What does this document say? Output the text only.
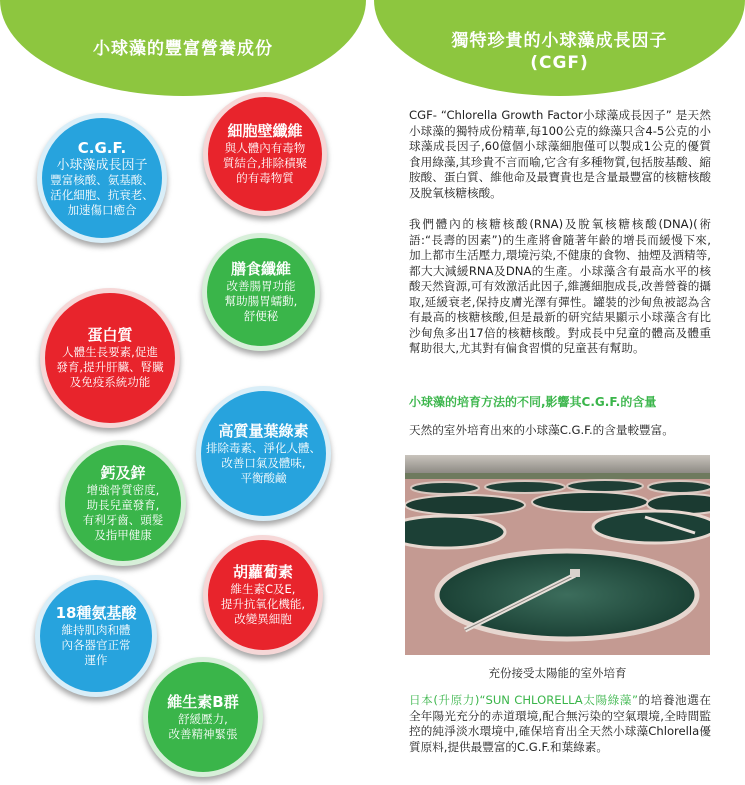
小球藻的豐富營養成份	獨特珍貴的小球藻成長因子
(CGF)
C.G.F.
小球藻成長因子
豐富核酸、氨基酸、
活化細胞、抗衰老、
加速傷口癒合
細胞壁纖維
與人體內有毒物
質結合,排除積聚
的有毒物質
膳食纖維
改善腸胃功能
幫助腸胃蠕動,
舒便秘
蛋白質
人體生長要素,促進
發育,提升肝臟、腎臟
及免疫系統功能
高質量葉綠素
排除毒素、淨化人體、
改善口氣及體味,
平衡酸鹼
鈣及鋅
增強骨質密度,
助長兒童發育,
有利牙齒、頭髮
及指甲健康
胡蘿蔔素
維生素C及E,
提升抗氧化機能,
改變異細胞
18種氨基酸
維持肌肉和體
內各器官正常
運作
維生素B群
舒緩壓力,
改善精神緊張
CGF- “Chlorella Growth Factor小球藻成長因子” 是天然小球藻的獨特成份精華,每100公克的綠藻只含4-5公克的小球藻成長因子,60億個小球藻細胞僅可以製成1公克的優質食用綠藻,其珍貴不言而喻,它含有多種物質,包括胺基酸、縮胺酸、蛋白質、維他命及最寶貴也是含量最豐富的核糖核酸及脫氧核糖核酸。
我們體內的核糖核酸(RNA)及脫氧核糖核酸(DNA)(術語:“長壽的因素”)的生產將會隨著年齡的增長而緩慢下來,加上都市生活壓力,環境污染,不健康的食物、抽煙及酒精等,都大大減緩RNA及DNA的生產。小球藻含有最高水平的核酸天然資源,可有效激活此因子,維護細胞成長,改善營養的攝取,延緩衰老,保持皮膚光澤有彈性。罐裝的沙甸魚被認為含有最高的核糖核酸,但是最新的研究結果顯示小球藻含有比沙甸魚多出17倍的核糖核酸。對成長中兒童的體高及體重幫助很大,尤其對有偏食習慣的兒童甚有幫助。
小球藻的培育方法的不同,影響其C.G.F.的含量
天然的室外培育出來的小球藻C.G.F.的含量較豐富。
充份接受太陽能的室外培育
日本(升原力)“SUN CHLORELLA太陽綠藻”的培養池選在全年陽光充分的赤道環境,配合無污染的空氣環境,全時間監控的純淨淡水環境中,確保培育出全天然小球藻Chlorella優質原料,提供最豐富的C.G.F.和葉綠素。
